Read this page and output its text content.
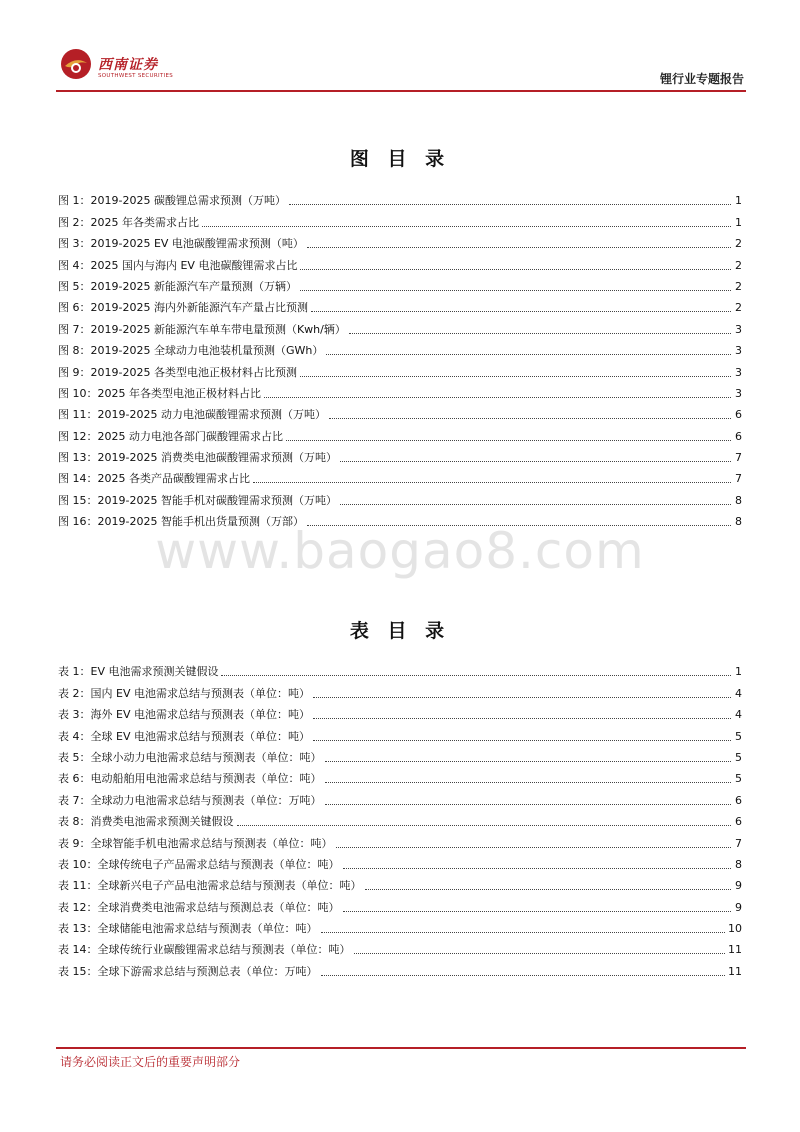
西南证券
SOUTHWEST SECURITIES	锂行业专题报告
图 目 录
图 1：2019-2025 碳酸锂总需求预测（万吨）	1
图 2：2025 年各类需求占比	1
图 3：2019-2025 EV 电池碳酸锂需求预测（吨）	2
图 4：2025 国内与海内 EV 电池碳酸锂需求占比	2
图 5：2019-2025 新能源汽车产量预测（万辆）	2
图 6：2019-2025 海内外新能源汽车产量占比预测	2
图 7：2019-2025 新能源汽车单车带电量预测（Kwh/辆）	3
图 8：2019-2025 全球动力电池装机量预测（GWh）	3
图 9：2019-2025 各类型电池正极材料占比预测	3
图 10：2025 年各类型电池正极材料占比	3
图 11：2019-2025 动力电池碳酸锂需求预测（万吨）	6
图 12：2025 动力电池各部门碳酸锂需求占比	6
图 13：2019-2025 消费类电池碳酸锂需求预测（万吨）	7
图 14：2025 各类产品碳酸锂需求占比	7
图 15：2019-2025 智能手机对碳酸锂需求预测（万吨）	8
图 16：2019-2025 智能手机出货量预测（万部）	8
www.baogao8.com
表 目 录
表 1：EV 电池需求预测关键假设	1
表 2：国内 EV 电池需求总结与预测表（单位：吨）	4
表 3：海外 EV 电池需求总结与预测表（单位：吨）	4
表 4：全球 EV 电池需求总结与预测表（单位：吨）	5
表 5：全球小动力电池需求总结与预测表（单位：吨）	5
表 6：电动船舶用电池需求总结与预测表（单位：吨）	5
表 7：全球动力电池需求总结与预测表（单位：万吨）	6
表 8：消费类电池需求预测关键假设	6
表 9：全球智能手机电池需求总结与预测表（单位：吨）	7
表 10：全球传统电子产品需求总结与预测表（单位：吨）	8
表 11：全球新兴电子产品电池需求总结与预测表（单位：吨）	9
表 12：全球消费类电池需求总结与预测总表（单位：吨）	9
表 13：全球储能电池需求总结与预测表（单位：吨）	10
表 14：全球传统行业碳酸锂需求总结与预测表（单位：吨）	11
表 15：全球下游需求总结与预测总表（单位：万吨）	11
请务必阅读正文后的重要声明部分
